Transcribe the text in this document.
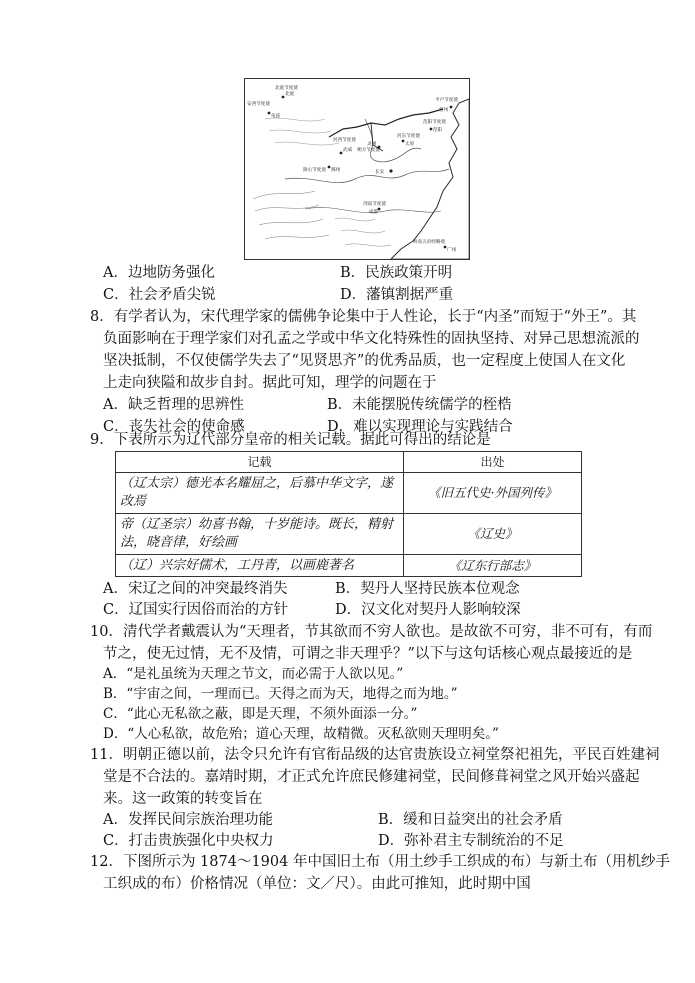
北庭节度使
北庭
安西节度使
龟兹
河西节度使
武威
陇右节度使 鄯州
朔方节度使
灵州
平卢节度使
营州
范阳节度使
范阳
河东节度使
太原
长安
剑南节度使
成都
岭南五府经略使
广州
A．边地防务强化	B．民族政策开明
C．社会矛盾尖锐	D．藩镇割据严重
8．有学者认为，宋代理学家的儒佛争论集中于人性论，长于“内圣”而短于“外王”。其
负面影响在于理学家们对孔孟之学或中华文化特殊性的固执坚持、对异己思想流派的
坚决抵制，不仅使儒学失去了“见贤思齐”的优秀品质，也一定程度上使国人在文化
上走向狭隘和故步自封。据此可知，理学的问题在于
A．缺乏哲理的思辨性	B．未能摆脱传统儒学的桎梏
C．丧失社会的使命感	D．难以实现理论与实践结合
9．下表所示为辽代部分皇帝的相关记载。据此可得出的结论是
记载	出处
（辽太宗）德光本名耀屈之，后慕中华文字，遂改焉	《旧五代史·外国列传》
帝（辽圣宗）幼喜书翰，十岁能诗。既长，精射法，晓音律，好绘画	《辽史》
（辽）兴宗好儒术，工丹青，以画鹿著名	《辽东行部志》
A．宋辽之间的冲突最终消失	B．契丹人坚持民族本位观念
C．辽国实行因俗而治的方针	D．汉文化对契丹人影响较深
10．清代学者戴震认为“天理者，节其欲而不穷人欲也。是故欲不可穷，非不可有，有而
节之，使无过情，无不及情，可谓之非天理乎？”以下与这句话核心观点最接近的是
A．“是礼虽统为天理之节文，而必需于人欲以见。”
B．“宇宙之间，一理而已。天得之而为天，地得之而为地。”
C．“此心无私欲之蔽，即是天理，不须外面添一分。”
D．“人心私欲，故危殆；道心天理，故精微。灭私欲则天理明矣。”
11．明朝正德以前，法令只允许有官衔品级的达官贵族设立祠堂祭祀祖先，平民百姓建祠
堂是不合法的。嘉靖时期，才正式允许庶民修建祠堂，民间修葺祠堂之风开始兴盛起
来。这一政策的转变旨在
A．发挥民间宗族治理功能	B．缓和日益突出的社会矛盾
C．打击贵族强化中央权力	D．弥补君主专制统治的不足
12．下图所示为 1874～1904 年中国旧土布（用土纱手工织成的布）与新土布（用机纱手
工织成的布）价格情况（单位：文／尺）。由此可推知，此时期中国
